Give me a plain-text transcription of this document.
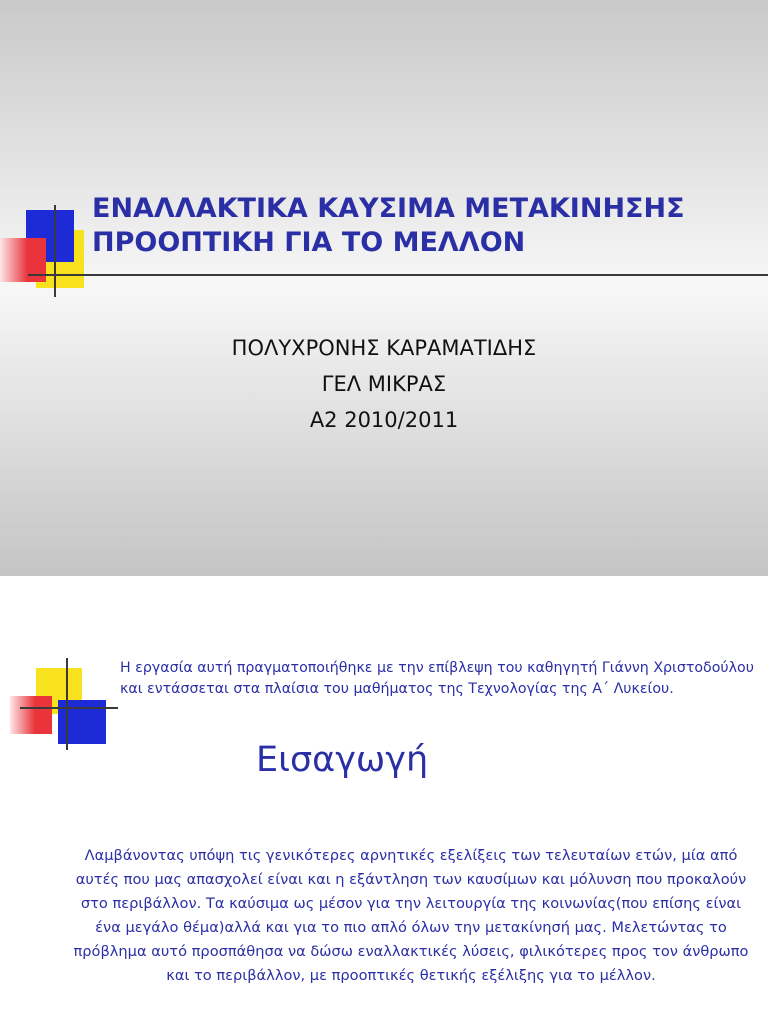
ΕΝΑΛΛΑΚΤΙΚΑ ΚΑΥΣΙΜΑ ΜΕΤΑΚΙΝΗΣΗΣ
ΠΡΟΟΠΤΙΚΗ ΓΙΑ ΤΟ ΜΕΛΛΟΝ
ΠΟΛΥΧΡΟΝΗΣ ΚΑΡΑΜΑΤΙΔΗΣ
ΓΕΛ ΜΙΚΡΑΣ
Α2 2010/2011

Η εργασία αυτή πραγματοποιήθηκε με την επίβλεψη του καθηγητή Γιάννη Χριστοδούλου και εντάσσεται στα πλαίσια του μαθήματος της Τεχνολογίας της Α΄ Λυκείου.

Εισαγωγή

Λαμβάνοντας υπόψη τις γενικότερες αρνητικές εξελίξεις των τελευταίων ετών, μία από αυτές που μας απασχολεί είναι και η εξάντληση των καυσίμων και μόλυνση που προκαλούν στο περιβάλλον. Τα καύσιμα ως μέσον για την λειτουργία της κοινωνίας(που επίσης είναι ένα μεγάλο θέμα)αλλά και για το πιο απλό όλων την μετακίνησή μας. Μελετώντας το πρόβλημα αυτό προσπάθησα να δώσω εναλλακτικές λύσεις, φιλικότερες προς τον άνθρωπο και το περιβάλλον, με προοπτικές θετικής εξέλιξης για το μέλλον.
